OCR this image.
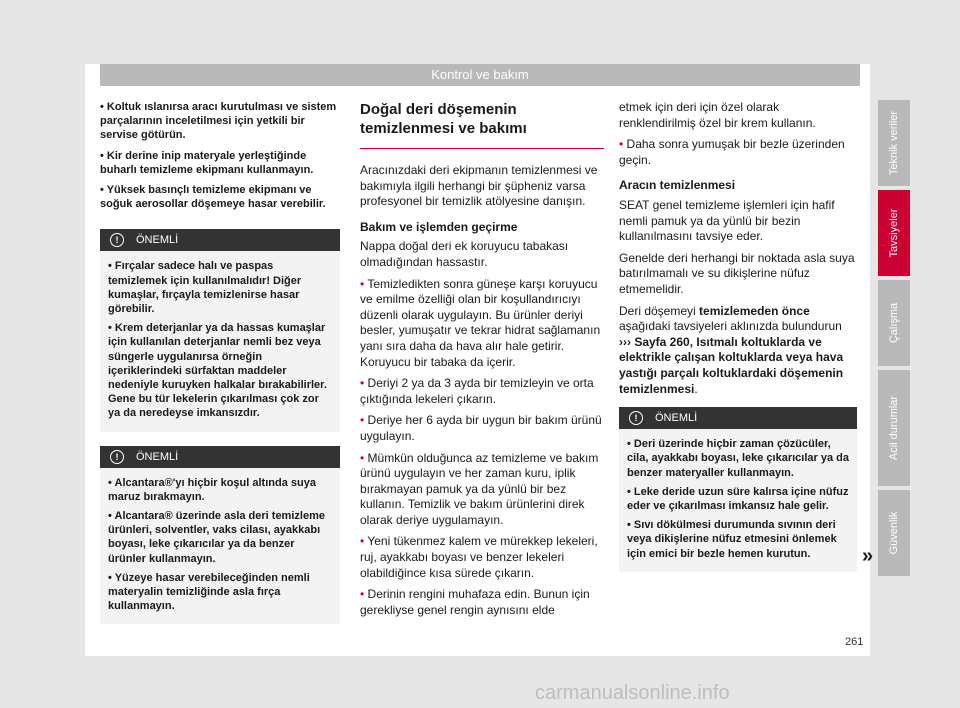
Kontrol ve bakım

• Koltuk ıslanırsa aracı kurutulması ve sistem parçalarının inceletilmesi için yetkili bir servise götürün.

• Kir derine inip materyale yerleştiğinde buharlı temizleme ekipmanı kullanmayın.

• Yüksek basınçlı temizleme ekipmanı ve soğuk aerosollar döşemeye hasar verebilir.

!	ÖNEMLİ

• Fırçalar sadece halı ve paspas temizlemek için kullanılmalıdır! Diğer kumaşlar, fırçayla temizlenirse hasar görebilir.

• Krem deterjanlar ya da hassas kumaşlar için kullanılan deterjanlar nemli bez veya süngerle uygulanırsa örneğin içeriklerindeki sürfaktan maddeler nedeniyle kuruyken halkalar bırakabilirler. Gene bu tür lekelerin çıkarılması çok zor ya da neredeyse imkansızdır.

!	ÖNEMLİ

• Alcantara®'yı hiçbir koşul altında suya maruz bırakmayın.

• Alcantara® üzerinde asla deri temizleme ürünleri, solventler, vaks cilası, ayakkabı boyası, leke çıkarıcılar ya da benzer ürünler kullanmayın.

• Yüzeye hasar verebileceğinden nemli materyalin temizliğinde asla fırça kullanmayın.

Doğal deri döşemenin temizlenmesi ve bakımı

Aracınızdaki deri ekipmanın temizlenmesi ve bakımıyla ilgili herhangi bir şüpheniz varsa profesyonel bir temizlik atölyesine danışın.

Bakım ve işlemden geçirme

Nappa doğal deri ek koruyucu tabakası olmadığından hassastır.

• Temizledikten sonra güneşe karşı koruyucu ve emilme özelliği olan bir koşullandırıcıyı düzenli olarak uygulayın. Bu ürünler deriyi besler, yumuşatır ve tekrar hidrat sağlamanın yanı sıra daha da hava alır hale getirir. Koruyucu bir tabaka da içerir.

• Deriyi 2 ya da 3 ayda bir temizleyin ve orta çıktığında lekeleri çıkarın.

• Deriye her 6 ayda bir uygun bir bakım ürünü uygulayın.

• Mümkün olduğunca az temizleme ve bakım ürünü uygulayın ve her zaman kuru, iplik bırakmayan pamuk ya da yünlü bir bez kullanın. Temizlik ve bakım ürünlerini direk olarak deriye uygulamayın.

• Yeni tükenmez kalem ve mürekkep lekeleri, ruj, ayakkabı boyası ve benzer lekeleri olabildiğince kısa sürede çıkarın.

• Derinin rengini muhafaza edin. Bunun için gerekliyse genel rengin aynısını elde

etmek için deri için özel olarak renklendirilmiş özel bir krem kullanın.

• Daha sonra yumuşak bir bezle üzerinden geçin.

Aracın temizlenmesi

SEAT genel temizleme işlemleri için hafif nemli pamuk ya da yünlü bir bezin kullanılmasını tavsiye eder.

Genelde deri herhangi bir noktada asla suya batırılmamalı ve su dikişlerine nüfuz etmemelidir.

Deri döşemeyi temizlemeden önce aşağıdaki tavsiyeleri aklınızda bulundurun ››› Sayfa 260, Isıtmalı koltuklarda ve elektrikle çalışan koltuklarda veya hava yastığı parçalı koltuklardaki döşemenin temizlenmesi.

!	ÖNEMLİ

• Deri üzerinde hiçbir zaman çözücüler, cila, ayakkabı boyası, leke çıkarıcılar ya da benzer materyaller kullanmayın.

• Leke deride uzun süre kalırsa içine nüfuz eder ve çıkarılması imkansız hale gelir.

• Sıvı dökülmesi durumunda sıvının deri veya dikişlerine nüfuz etmesini önlemek için emici bir bezle hemen kurutun.	»
Teknik veriler
Tavsiyeler
Çalışma
Acil durumlar
Güvenlik
261
carmanualsonline.info
